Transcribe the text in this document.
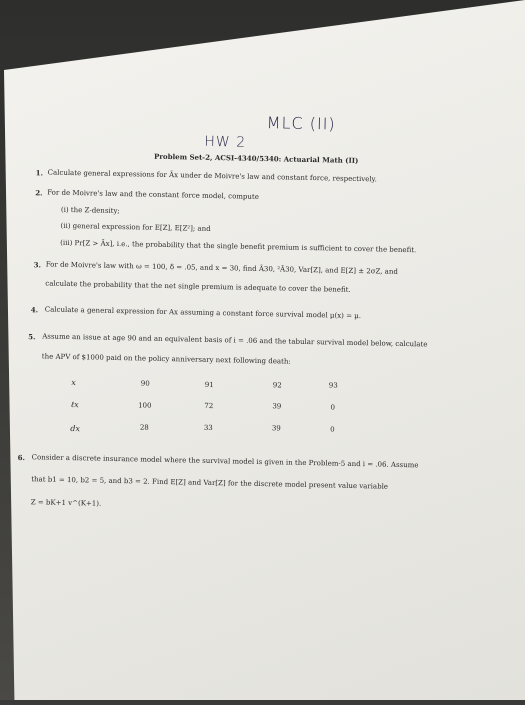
MLC (II)
HW 2
Problem Set-2, ACSI-4340/5340: Actuarial Math (II)
1. Calculate general expressions for Āx under de Moivre's law and constant force, respectively.
2. For de Moivre's law and the constant force model, compute
(i) the Z-density;
(ii) general expression for E[Z], E[Z²]; and
(iii) Pr[Z > Āx], i.e., the probability that the single benefit premium is sufficient to cover the benefit.
3. For de Moivre's law with ω = 100, δ = .05, and x = 30, find Ā30, ²Ā30, Var[Z], and E[Z] ± 2σZ, and
calculate the probability that the net single premium is adequate to cover the benefit.
4. Calculate a general expression for Ax assuming a constant force survival model μ(x) = μ.
5. Assume an issue at age 90 and an equivalent basis of i = .06 and the tabular survival model below, calculate
the APV of $1000 paid on the policy anniversary next following death:
x	90	91	92	93
ℓx	100	72	39	0
dx	28	33	39	0
6. Consider a discrete insurance model where the survival model is given in the Problem-5 and i = .06. Assume
that b1 = 10, b2 = 5, and b3 = 2. Find E[Z] and Var[Z] for the discrete model present value variable
Z = bK+1 v^(K+1).
